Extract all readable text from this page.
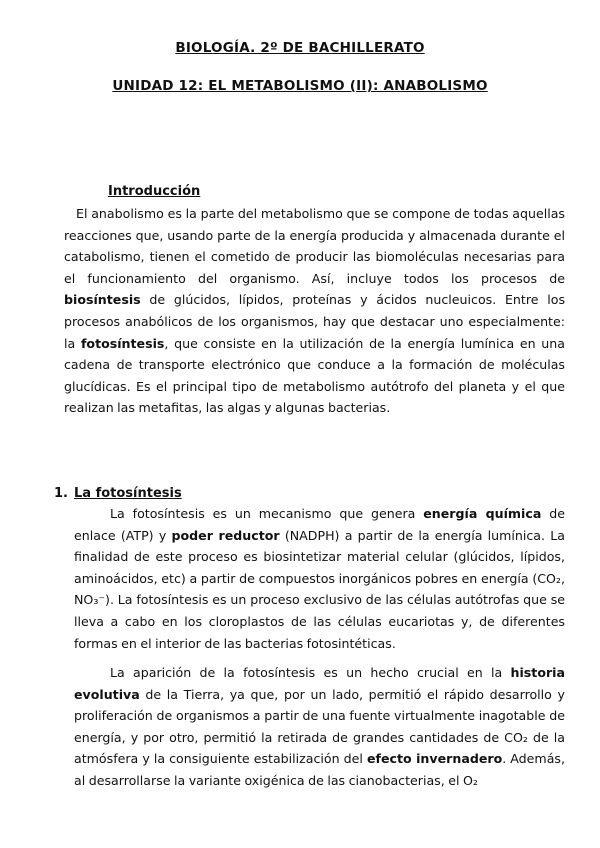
BIOLOGÍA. 2º DE BACHILLERATO
UNIDAD 12: EL METABOLISMO (II): ANABOLISMO
Introducción

El anabolismo es la parte del metabolismo que se compone de todas aquellas reacciones que, usando parte de la energía producida y almacenada durante el catabolismo, tienen el cometido de producir las biomoléculas necesarias para el funcionamiento del organismo. Así, incluye todos los procesos de biosíntesis de glúcidos, lípidos, proteínas y ácidos nucleuicos. Entre los procesos anabólicos de los organismos, hay que destacar uno especialmente: la fotosíntesis, que consiste en la utilización de la energía lumínica en una cadena de transporte electrónico que conduce a la formación de moléculas glucídicas. Es el principal tipo de metabolismo autótrofo del planeta y el que realizan las metafitas, las algas y algunas bacterias.

1. La fotosíntesis

La fotosíntesis es un mecanismo que genera energía química de enlace (ATP) y poder reductor (NADPH) a partir de la energía lumínica. La finalidad de este proceso es biosintetizar material celular (glúcidos, lípidos, aminoácidos, etc) a partir de compuestos inorgánicos pobres en energía (CO₂, NO₃⁻). La fotosíntesis es un proceso exclusivo de las células autótrofas que se lleva a cabo en los cloroplastos de las células eucariotas y, de diferentes formas en el interior de las bacterias fotosintéticas.

La aparición de la fotosíntesis es un hecho crucial en la historia evolutiva de la Tierra, ya que, por un lado, permitió el rápido desarrollo y proliferación de organismos a partir de una fuente virtualmente inagotable de energía, y por otro, permitió la retirada de grandes cantidades de CO₂ de la atmósfera y la consiguiente estabilización del efecto invernadero. Además, al desarrollarse la variante oxigénica de las cianobacterias, el O₂
